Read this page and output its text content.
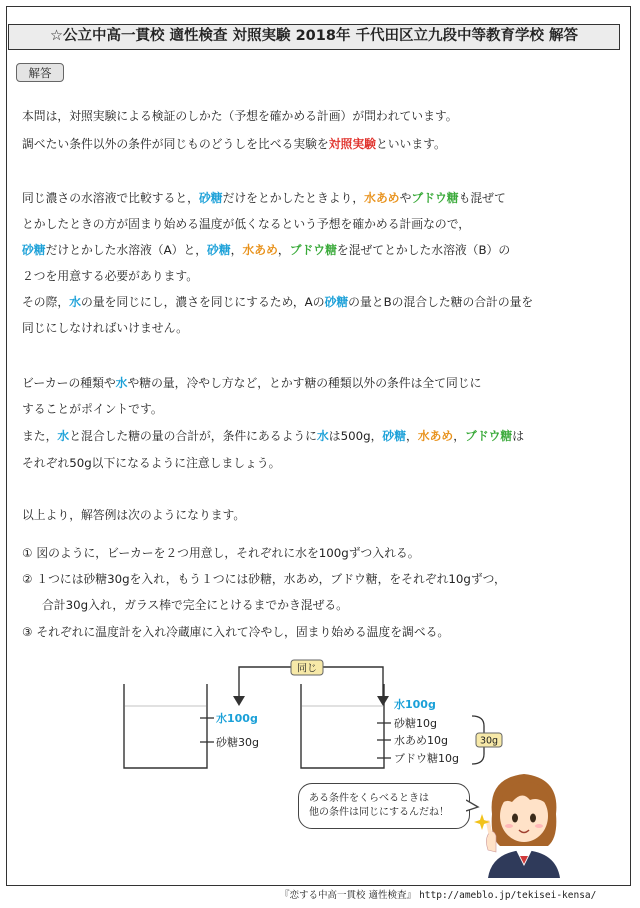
☆公立中高一貫校 適性検査 対照実験 2018年 千代田区立九段中等教育学校 解答
解答
本問は，対照実験による検証のしかた（予想を確かめる計画）が問われています。
調べたい条件以外の条件が同じものどうしを比べる実験を対照実験といいます。
同じ濃さの水溶液で比較すると，砂糖だけをとかしたときより，水あめやブドウ糖も混ぜて
とかしたときの方が固まり始める温度が低くなるという予想を確かめる計画なので，
砂糖だけとかした水溶液（A）と，砂糖，水あめ，ブドウ糖を混ぜてとかした水溶液（B）の
２つを用意する必要があります。
その際，水の量を同じにし，濃さを同じにするため，Aの砂糖の量とBの混合した糖の合計の量を
同じにしなければいけません。
ビーカーの種類や水や糖の量，冷やし方など，とかす糖の種類以外の条件は全て同じに
することがポイントです。
また，水と混合した糖の量の合計が，条件にあるように水は500g，砂糖，水あめ，ブドウ糖は
それぞれ50g以下になるように注意しましょう。
以上より，解答例は次のようになります。
① 図のように，ビーカーを２つ用意し，それぞれに水を100gずつ入れる。
② １つには砂糖30gを入れ，もう１つには砂糖，水あめ，ブドウ糖，をそれぞれ10gずつ，
合計30g入れ，ガラス棒で完全にとけるまでかき混ぜる。
③ それぞれに温度計を入れ冷蔵庫に入れて冷やし，固まり始める温度を調べる。
同じ
水100g
砂糖30g
水100g
砂糖10g
水あめ10g
ブドウ糖10g
30g
ある条件をくらべるときは
他の条件は同じにするんだね！
『恋する中高一貫校 適性検査』 http://ameblo.jp/tekisei-kensa/
